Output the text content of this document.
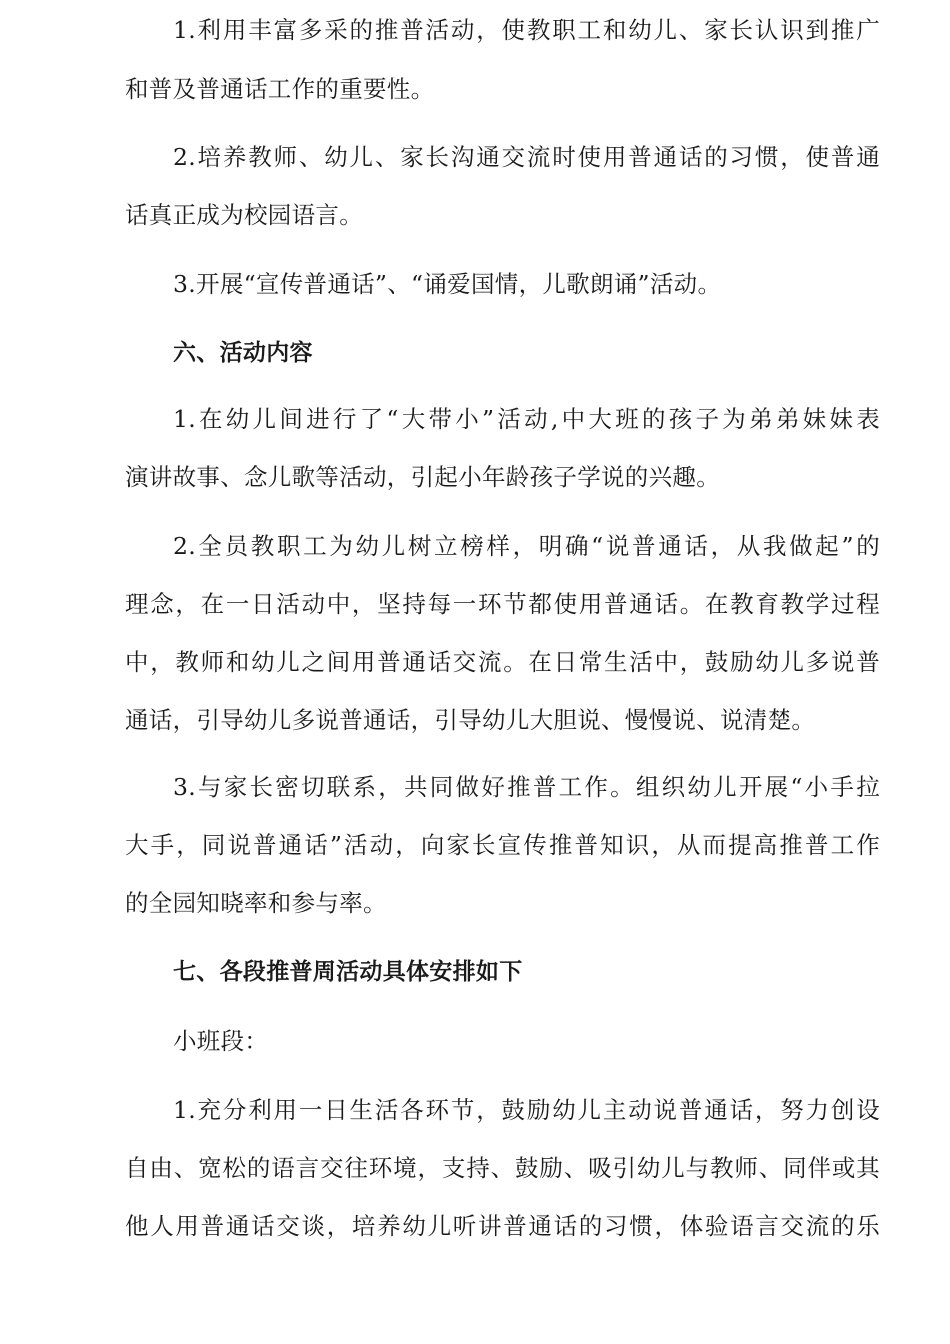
1.利用丰富多采的推普活动，使教职工和幼儿、家长认识到推广
和普及普通话工作的重要性。
2.培养教师、幼儿、家长沟通交流时使用普通话的习惯，使普通
话真正成为校园语言。
3.开展“宣传普通话”、“诵爱国情，儿歌朗诵”活动。
六、活动内容
1.在幼儿间进行了“大带小”活动,中大班的孩子为弟弟妹妹表
演讲故事、念儿歌等活动，引起小年龄孩子学说的兴趣。
2.全员教职工为幼儿树立榜样，明确“说普通话，从我做起”的
理念，在一日活动中，坚持每一环节都使用普通话。在教育教学过程
中，教师和幼儿之间用普通话交流。在日常生活中，鼓励幼儿多说普
通话，引导幼儿多说普通话，引导幼儿大胆说、慢慢说、说清楚。
3.与家长密切联系，共同做好推普工作。组织幼儿开展“小手拉
大手，同说普通话”活动，向家长宣传推普知识，从而提高推普工作
的全园知晓率和参与率。
七、各段推普周活动具体安排如下
小班段：
1.充分利用一日生活各环节，鼓励幼儿主动说普通话，努力创设
自由、宽松的语言交往环境，支持、鼓励、吸引幼儿与教师、同伴或其
他人用普通话交谈，培养幼儿听讲普通话的习惯，体验语言交流的乐
